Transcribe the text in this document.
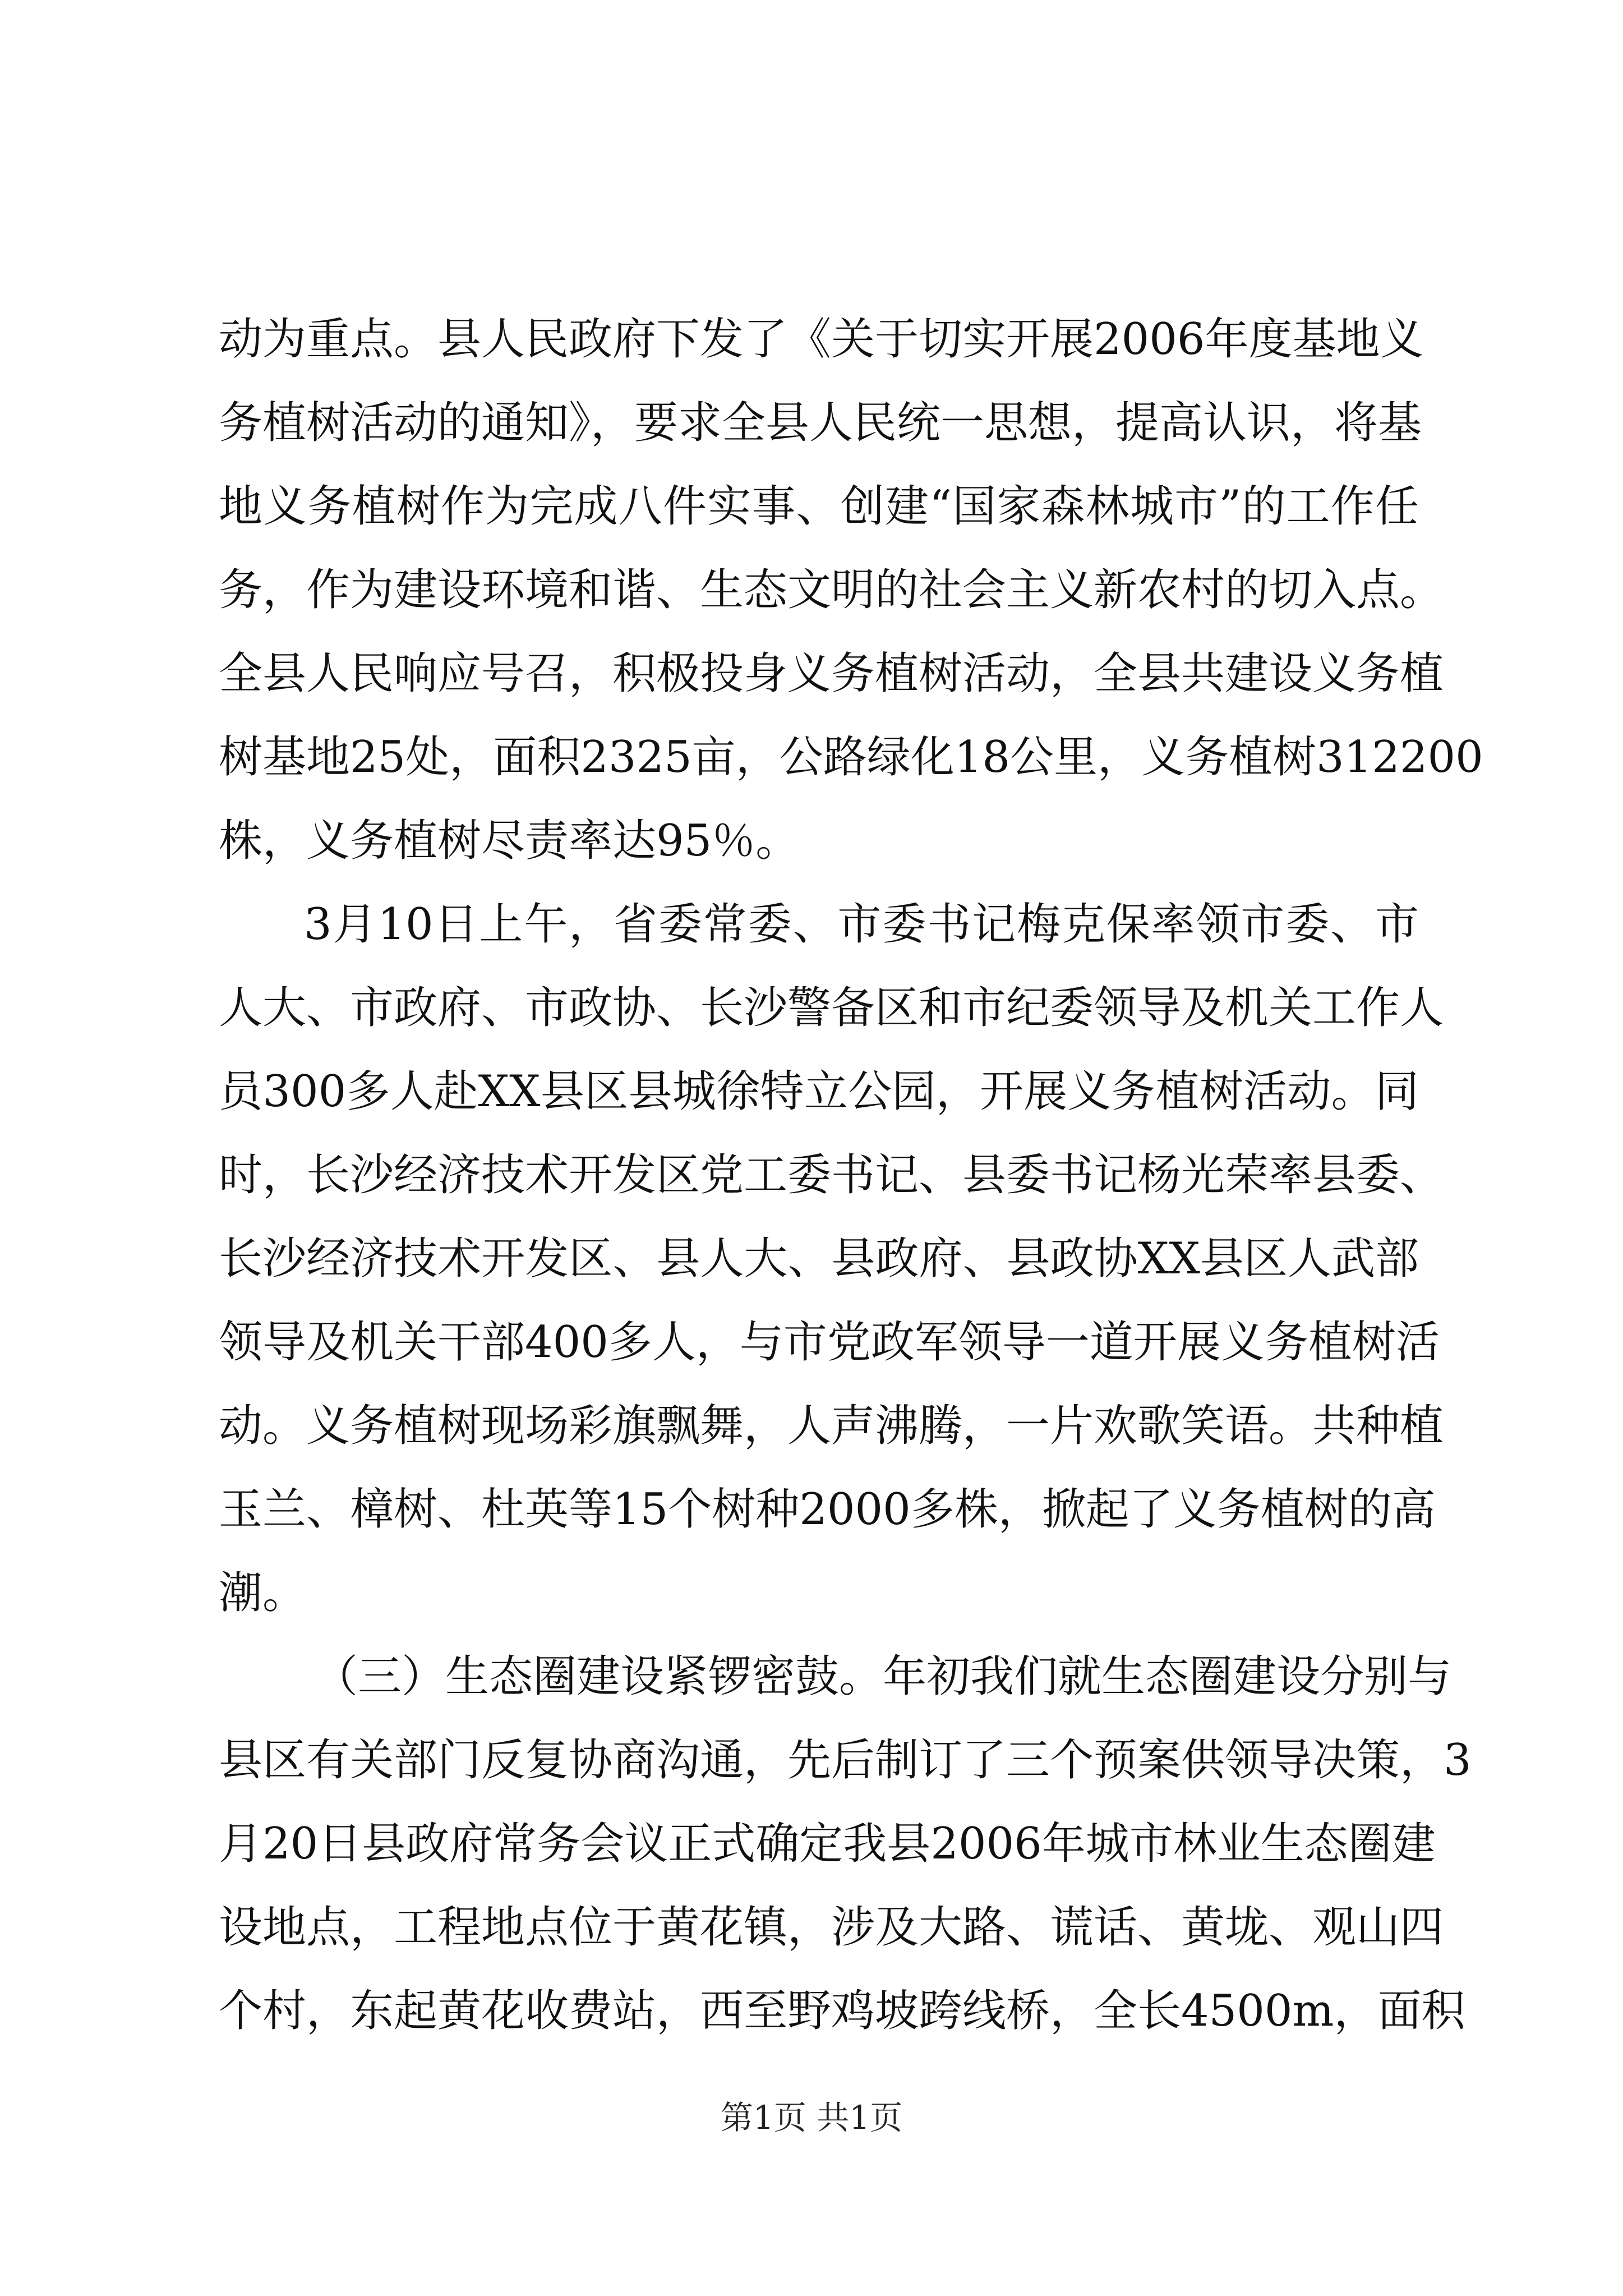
动为重点。县人民政府下发了《关于切实开展2006年度基地义
务植树活动的通知》，要求全县人民统一思想，提高认识，将基
地义务植树作为完成八件实事、创建“国家森林城市”的工作任
务，作为建设环境和谐、生态文明的社会主义新农村的切入点。
全县人民响应号召，积极投身义务植树活动，全县共建设义务植
树基地25处，面积2325亩，公路绿化18公里，义务植树312200
株，义务植树尽责率达95％。
3月10日上午，省委常委、市委书记梅克保率领市委、市
人大、市政府、市政协、长沙警备区和市纪委领导及机关工作人
员300多人赴XX县区县城徐特立公园，开展义务植树活动。同
时，长沙经济技术开发区党工委书记、县委书记杨光荣率县委、
长沙经济技术开发区、县人大、县政府、县政协XX县区人武部
领导及机关干部400多人，与市党政军领导一道开展义务植树活
动。义务植树现场彩旗飘舞，人声沸腾，一片欢歌笑语。共种植
玉兰、樟树、杜英等15个树种2000多株，掀起了义务植树的高
潮。
（三）生态圈建设紧锣密鼓。年初我们就生态圈建设分别与
县区有关部门反复协商沟通，先后制订了三个预案供领导决策，3
月20日县政府常务会议正式确定我县2006年城市林业生态圈建
设地点，工程地点位于黄花镇，涉及大路、谎话、黄垅、观山四
个村，东起黄花收费站，西至野鸡坡跨线桥，全长4500m，面积
第1页 共1页
